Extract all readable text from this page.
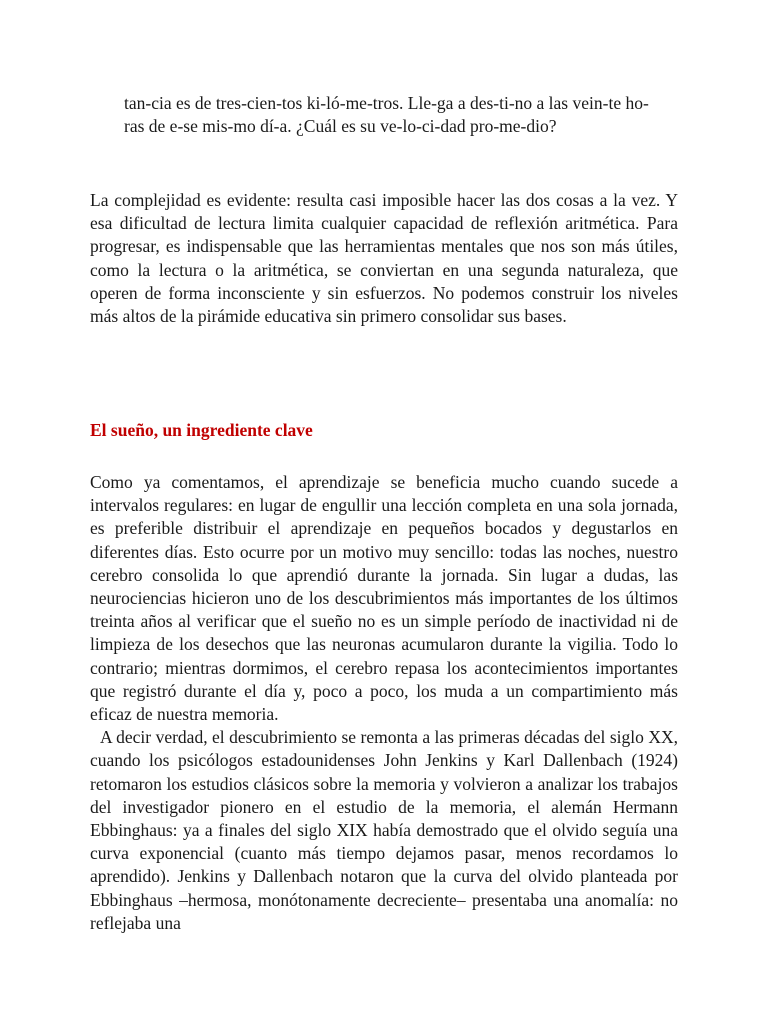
tan-cia es de tres-cien-tos ki-ló-me-tros. Lle-ga a des-ti-no a las vein-te ho-ras de e-se mis-mo dí-a. ¿Cuál es su ve-lo-ci-dad pro-me-dio?

La complejidad es evidente: resulta casi imposible hacer las dos cosas a la vez. Y esa dificultad de lectura limita cualquier capacidad de reflexión aritmética. Para progresar, es indispensable que las herramientas mentales que nos son más útiles, como la lectura o la aritmética, se conviertan en una segunda naturaleza, que operen de forma inconsciente y sin esfuerzos. No podemos construir los niveles más altos de la pirámide educativa sin primero consolidar sus bases.

El sueño, un ingrediente clave

Como ya comentamos, el aprendizaje se beneficia mucho cuando sucede a intervalos regulares: en lugar de engullir una lección completa en una sola jornada, es preferible distribuir el aprendizaje en pequeños bocados y degustarlos en diferentes días. Esto ocurre por un motivo muy sencillo: todas las noches, nuestro cerebro consolida lo que aprendió durante la jornada. Sin lugar a dudas, las neurociencias hicieron uno de los descubrimientos más importantes de los últimos treinta años al verificar que el sueño no es un simple período de inactividad ni de limpieza de los desechos que las neuronas acumularon durante la vigilia. Todo lo contrario; mientras dormimos, el cerebro repasa los acontecimientos importantes que registró durante el día y, poco a poco, los muda a un compartimiento más eficaz de nuestra memoria.

A decir verdad, el descubrimiento se remonta a las primeras décadas del siglo XX, cuando los psicólogos estadounidenses John Jenkins y Karl Dallenbach (1924) retomaron los estudios clásicos sobre la memoria y volvieron a analizar los trabajos del investigador pionero en el estudio de la memoria, el alemán Hermann Ebbinghaus: ya a finales del siglo XIX había demostrado que el olvido seguía una curva exponencial (cuanto más tiempo dejamos pasar, menos recordamos lo aprendido). Jenkins y Dallenbach notaron que la curva del olvido planteada por Ebbinghaus –hermosa, monótonamente decreciente– presentaba una anomalía: no reflejaba una
